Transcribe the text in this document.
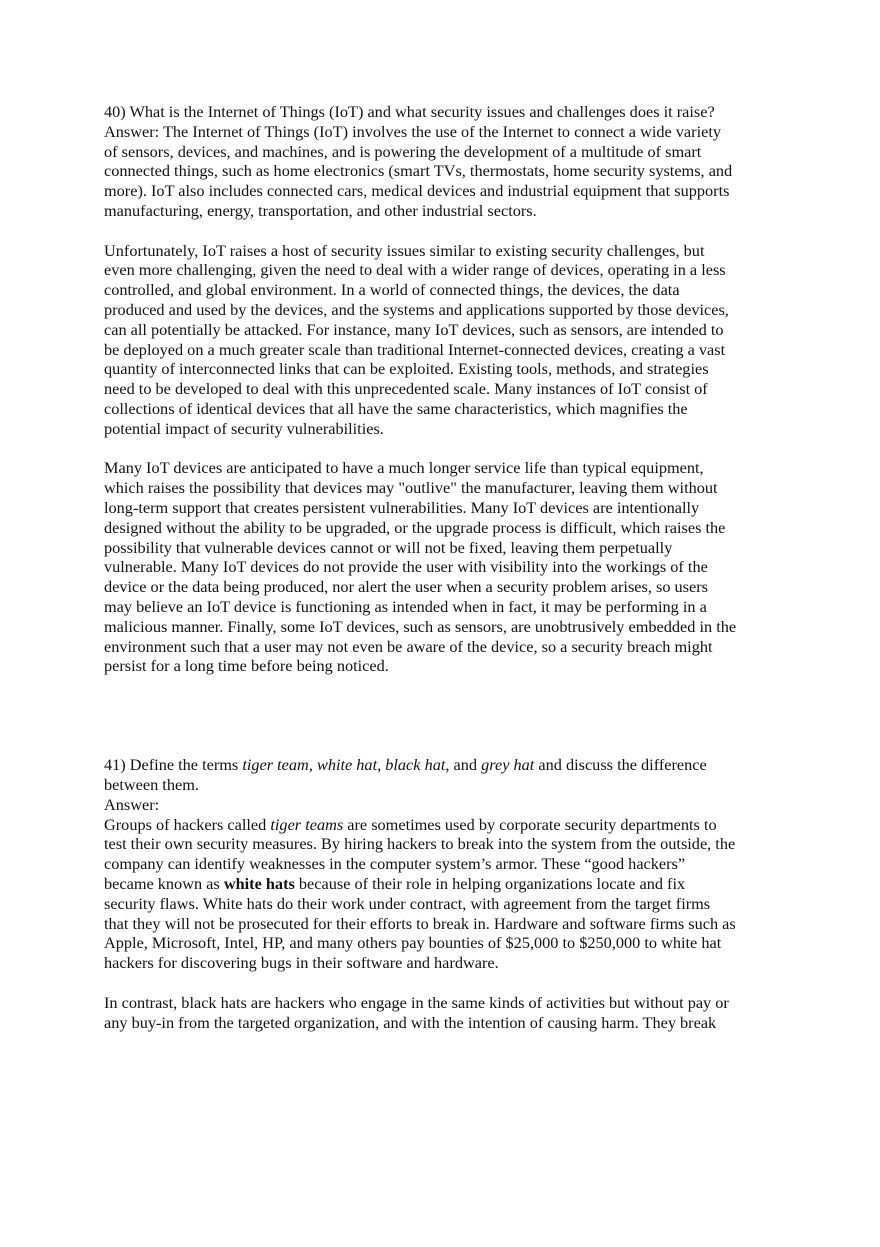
40) What is the Internet of Things (IoT) and what security issues and challenges does it raise?
Answer: The Internet of Things (IoT) involves the use of the Internet to connect a wide variety
of sensors, devices, and machines, and is powering the development of a multitude of smart
connected things, such as home electronics (smart TVs, thermostats, home security systems, and
more). IoT also includes connected cars, medical devices and industrial equipment that supports
manufacturing, energy, transportation, and other industrial sectors.
Unfortunately, IoT raises a host of security issues similar to existing security challenges, but
even more challenging, given the need to deal with a wider range of devices, operating in a less
controlled, and global environment. In a world of connected things, the devices, the data
produced and used by the devices, and the systems and applications supported by those devices,
can all potentially be attacked. For instance, many IoT devices, such as sensors, are intended to
be deployed on a much greater scale than traditional Internet-connected devices, creating a vast
quantity of interconnected links that can be exploited. Existing tools, methods, and strategies
need to be developed to deal with this unprecedented scale. Many instances of IoT consist of
collections of identical devices that all have the same characteristics, which magnifies the
potential impact of security vulnerabilities.
Many IoT devices are anticipated to have a much longer service life than typical equipment,
which raises the possibility that devices may "outlive" the manufacturer, leaving them without
long-term support that creates persistent vulnerabilities. Many IoT devices are intentionally
designed without the ability to be upgraded, or the upgrade process is difficult, which raises the
possibility that vulnerable devices cannot or will not be fixed, leaving them perpetually
vulnerable. Many IoT devices do not provide the user with visibility into the workings of the
device or the data being produced, nor alert the user when a security problem arises, so users
may believe an IoT device is functioning as intended when in fact, it may be performing in a
malicious manner. Finally, some IoT devices, such as sensors, are unobtrusively embedded in the
environment such that a user may not even be aware of the device, so a security breach might
persist for a long time before being noticed.
41) Define the terms tiger team, white hat, black hat, and grey hat and discuss the difference
between them.
Answer:
Groups of hackers called tiger teams are sometimes used by corporate security departments to
test their own security measures. By hiring hackers to break into the system from the outside, the
company can identify weaknesses in the computer system’s armor. These “good hackers”
became known as white hats because of their role in helping organizations locate and fix
security flaws. White hats do their work under contract, with agreement from the target firms
that they will not be prosecuted for their efforts to break in. Hardware and software firms such as
Apple, Microsoft, Intel, HP, and many others pay bounties of $25,000 to $250,000 to white hat
hackers for discovering bugs in their software and hardware.
In contrast, black hats are hackers who engage in the same kinds of activities but without pay or
any buy-in from the targeted organization, and with the intention of causing harm. They break
